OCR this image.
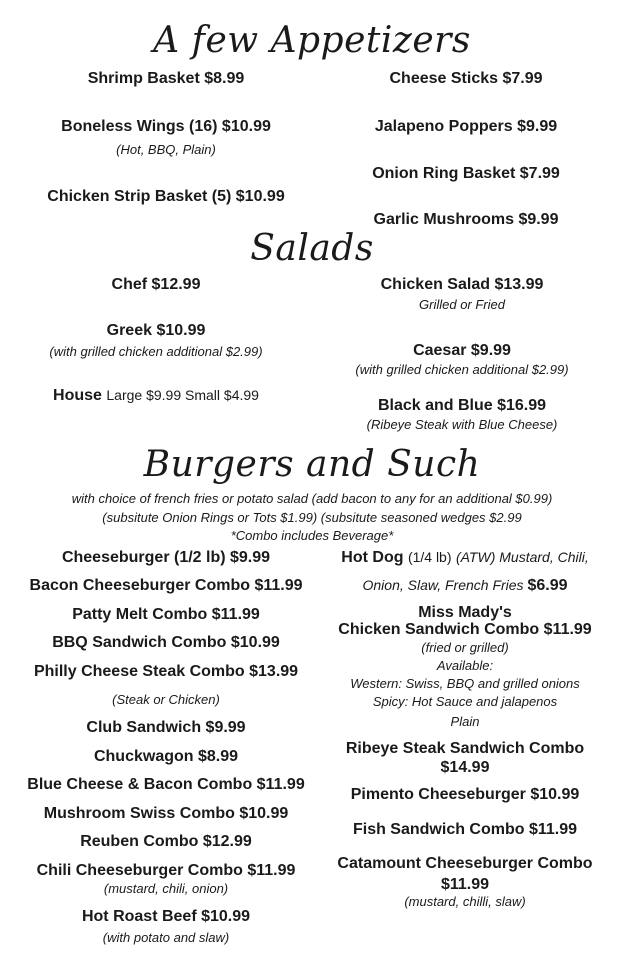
A few Appetizers
Shrimp Basket $8.99	Cheese Sticks $7.99
Boneless Wings (16) $10.99
(Hot, BBQ, Plain)
Jalapeno Poppers $9.99
Onion Ring Basket $7.99
Chicken Strip Basket (5) $10.99
Garlic Mushrooms $9.99
Salads
Chef $12.99	Chicken Salad $13.99
Grilled or Fried
Greek $10.99
(with grilled chicken additional $2.99)	Caesar $9.99
(with grilled chicken additional $2.99)
House Large $9.99 Small $4.99
Black and Blue $16.99
(Ribeye Steak with Blue Cheese)
Burgers and Such
with choice of french fries or potato salad (add bacon to any for an additional $0.99)
(subsitute Onion Rings or Tots $1.99) (subsitute seasoned wedges $2.99
*Combo includes Beverage*
Cheeseburger (1/2 lb) $9.99
Bacon Cheeseburger Combo $11.99
Patty Melt Combo $11.99
BBQ Sandwich Combo $10.99
Philly Cheese Steak Combo $13.99
(Steak or Chicken)
Club Sandwich $9.99
Chuckwagon $8.99
Blue Cheese & Bacon Combo $11.99
Mushroom Swiss Combo $10.99
Reuben Combo $12.99
Chili Cheeseburger Combo $11.99
(mustard, chili, onion)
Hot Roast Beef $10.99
(with potato and slaw)
Hot Dog (1/4 lb) (ATW) Mustard, Chili,
Onion, Slaw, French Fries $6.99
Miss Mady's
Chicken Sandwich Combo $11.99
(fried or grilled)
Available:
Western: Swiss, BBQ and grilled onions
Spicy: Hot Sauce and jalapenos
Plain
Ribeye Steak Sandwich Combo
$14.99
Pimento Cheeseburger $10.99
Fish Sandwich Combo $11.99
Catamount Cheeseburger Combo
$11.99
(mustard, chilli, slaw)
